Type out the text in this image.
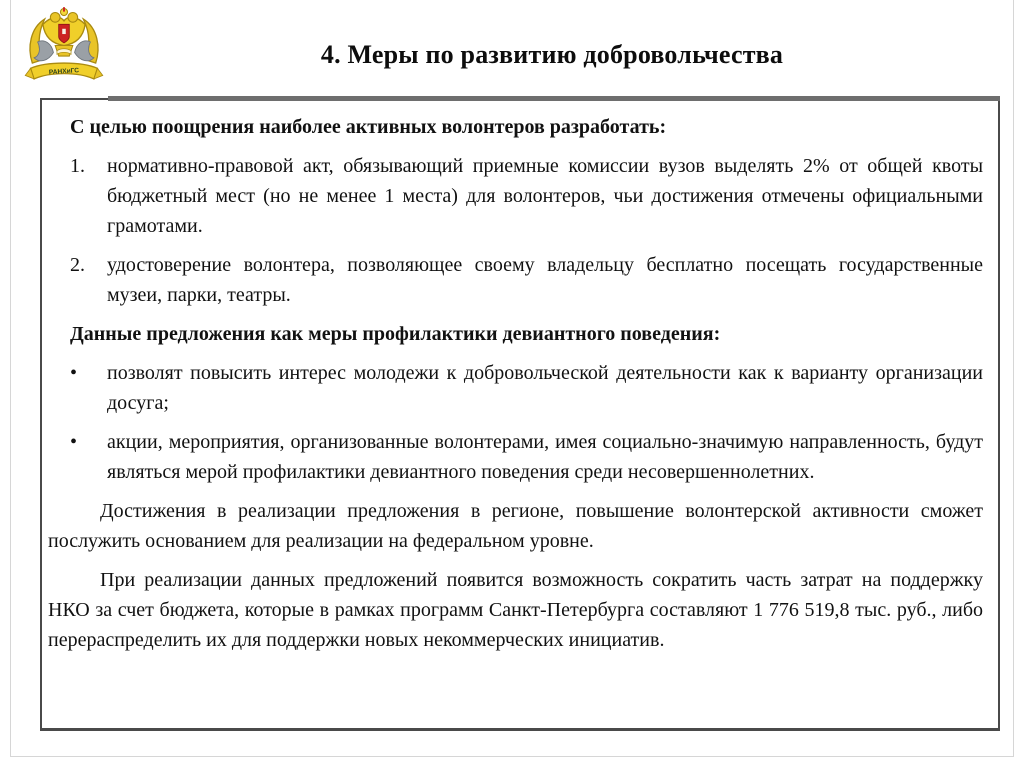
РАНХиГС
4. Меры по развитию добровольчества
С целью поощрения наиболее активных волонтеров разработать:
1.	нормативно-правовой акт, обязывающий приемные комиссии вузов выделять 2% от общей квоты бюджетный мест (но не менее 1 места) для волонтеров, чьи достижения отмечены официальными грамотами.
2.	удостоверение волонтера, позволяющее своему владельцу бесплатно посещать государственные музеи, парки, театры.
Данные предложения как меры профилактики девиантного поведения:
•	позволят повысить интерес молодежи к добровольческой деятельности как к варианту организации досуга;
•	акции, мероприятия, организованные волонтерами, имея социально-значимую направленность, будут являться мерой профилактики девиантного поведения среди несовершеннолетних.
Достижения в реализации предложения в регионе, повышение волонтерской активности сможет послужить основанием для реализации на федеральном уровне.
При реализации данных предложений появится возможность сократить часть затрат на поддержку НКО за счет бюджета, которые в рамках программ Санкт-Петербурга составляют 1 776 519,8 тыс. руб., либо перераспределить их для поддержки новых некоммерческих инициатив.
